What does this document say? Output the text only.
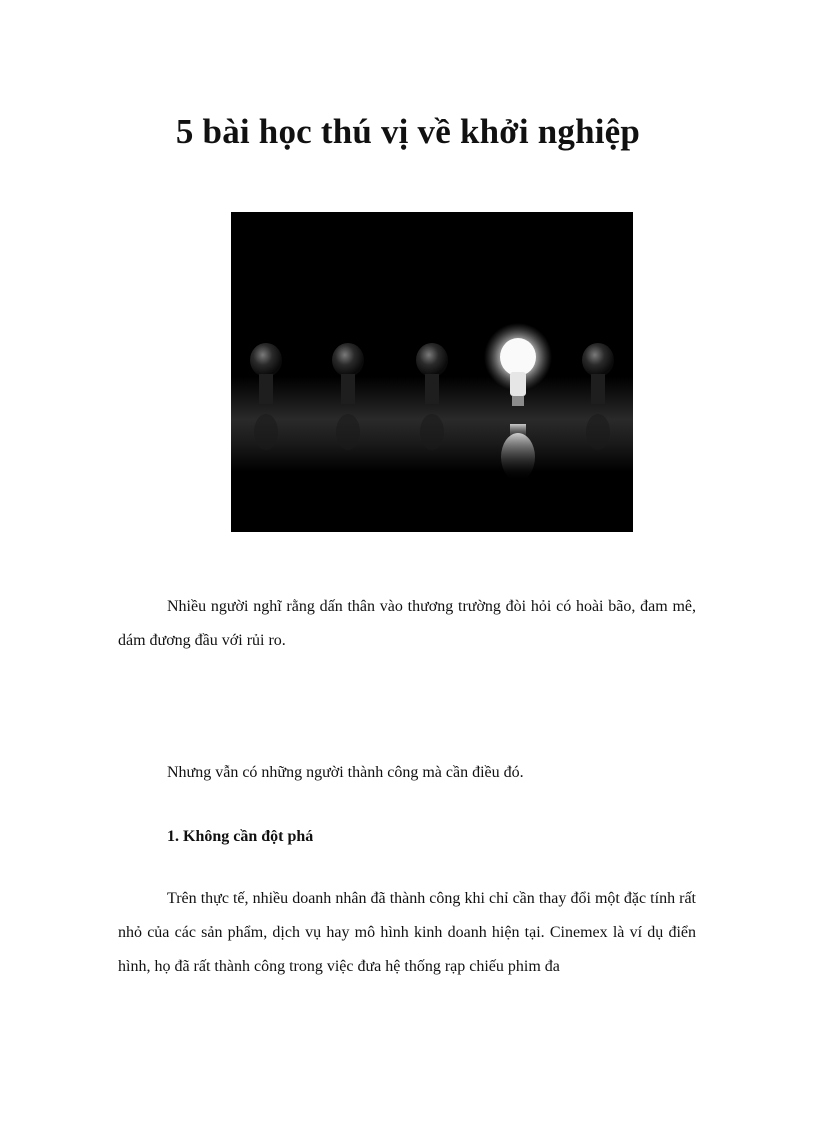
5 bài học thú vị về khởi nghiệp

Nhiều người nghĩ rằng dấn thân vào thương trường đòi hỏi có hoài bão, đam mê, dám đương đầu với rủi ro.

Nhưng vẫn có những người thành công mà cần điều đó.

1. Không cần đột phá

Trên thực tế, nhiều doanh nhân đã thành công khi chỉ cần thay đổi một đặc tính rất nhỏ của các sản phẩm, dịch vụ hay mô hình kinh doanh hiện tại. Cinemex là ví dụ điển hình, họ đã rất thành công trong việc đưa hệ thống rạp chiếu phim đa
